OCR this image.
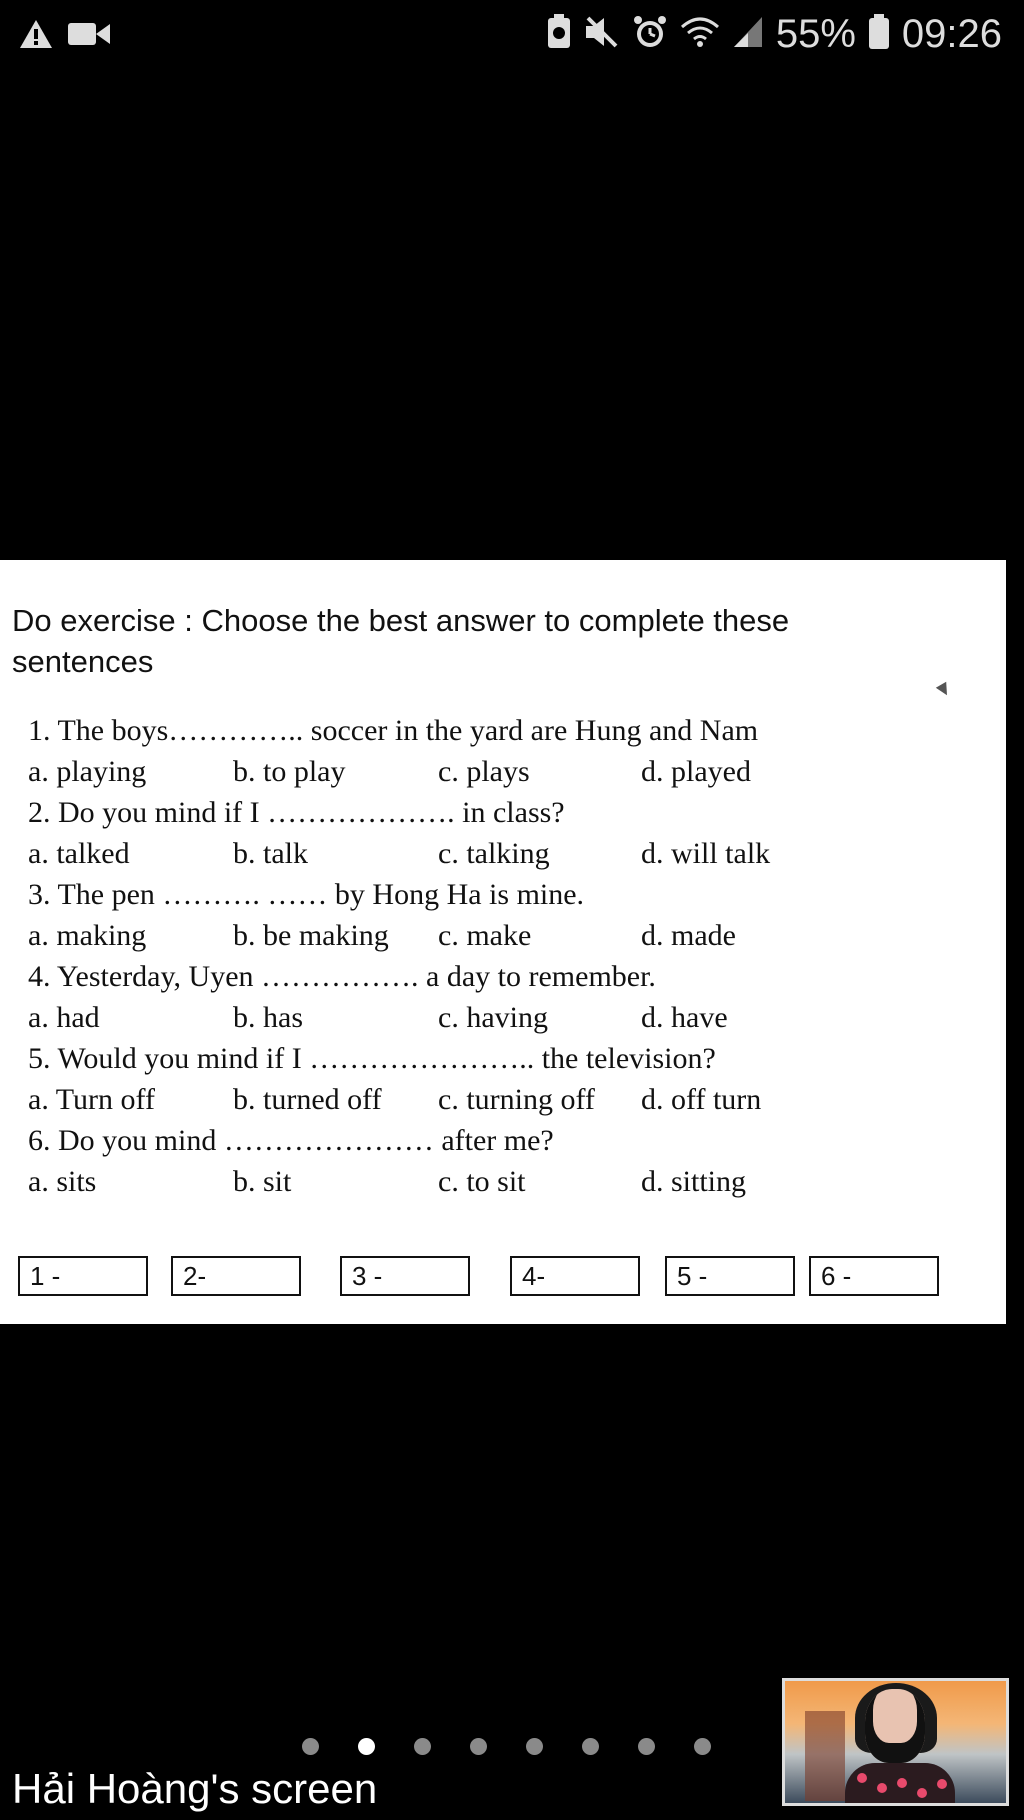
55% 09:26
Do exercise : Choose the best answer to complete these sentences
1. The boys………….. soccer in the yard are Hung and Nam
a. playing	b. to play	c. plays	d. played
2. Do you mind if I ………………. in class?
a. talked	b. talk	c. talking	d. will talk
3. The pen ………. …… by Hong Ha is mine.
a. making	b. be making c. make	d. made
4. Yesterday, Uyen ……………. a day to remember.
a. had	b. has	c. having	d. have
5. Would you mind if I ………………….. the television?
a. Turn off	b. turned off c. turning off d. off turn
6. Do you mind ………………… after me?
a. sits	b. sit	c. to sit	d. sitting
1 -	2-	3 -	4-	5 -	6 -
Hải Hoàng's screen
